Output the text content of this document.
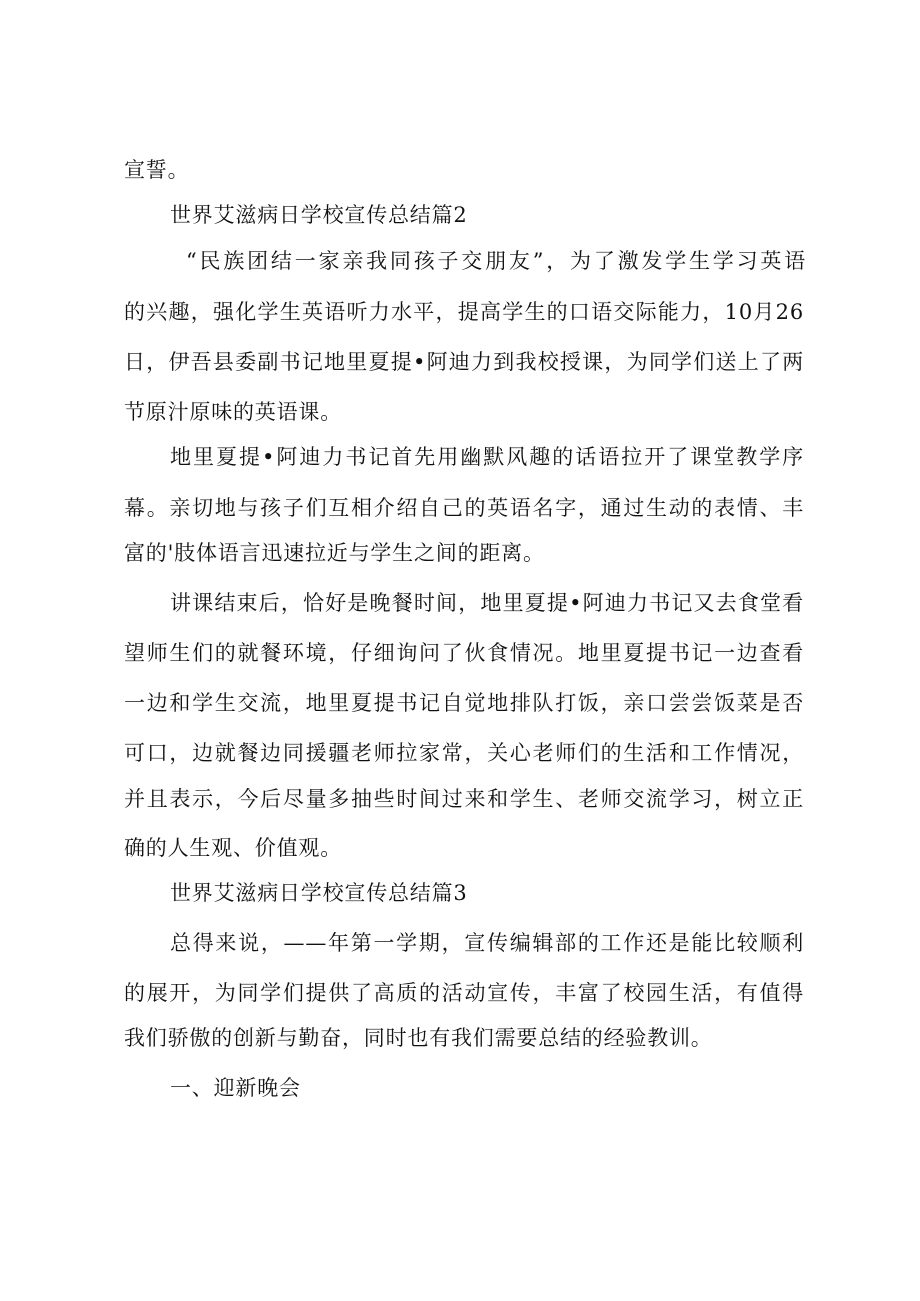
宣誓。
世界艾滋病日学校宣传总结篇2
“民族团结一家亲我同孩子交朋友”，为了激发学生学习英语
的兴趣，强化学生英语听力水平，提高学生的口语交际能力，10月26
日，伊吾县委副书记地里夏提•阿迪力到我校授课，为同学们送上了两
节原汁原味的英语课。
地里夏提•阿迪力书记首先用幽默风趣的话语拉开了课堂教学序
幕。亲切地与孩子们互相介绍自己的英语名字，通过生动的表情、丰
富的'肢体语言迅速拉近与学生之间的距离。
讲课结束后，恰好是晚餐时间，地里夏提•阿迪力书记又去食堂看
望师生们的就餐环境，仔细询问了伙食情况。地里夏提书记一边查看
一边和学生交流，地里夏提书记自觉地排队打饭，亲口尝尝饭菜是否
可口，边就餐边同援疆老师拉家常，关心老师们的生活和工作情况，
并且表示，今后尽量多抽些时间过来和学生、老师交流学习，树立正
确的人生观、价值观。
世界艾滋病日学校宣传总结篇3
总得来说，——年第一学期，宣传编辑部的工作还是能比较顺利
的展开，为同学们提供了高质的活动宣传，丰富了校园生活，有值得
我们骄傲的创新与勤奋，同时也有我们需要总结的经验教训。
一、迎新晚会
